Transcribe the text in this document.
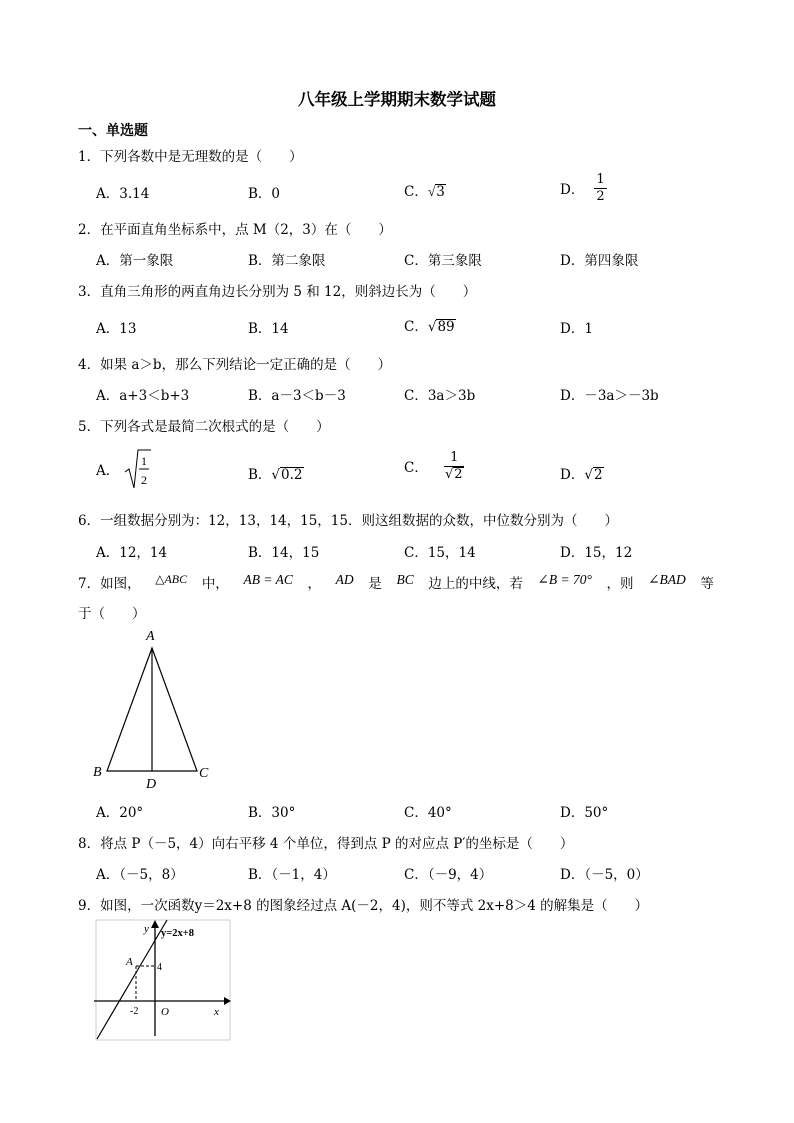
八年级上学期期末数学试题
一、单选题
1．下列各数中是无理数的是（　　）
A．3.14	B．0	C．√3	D． $\frac{1}{2}$
2．在平面直角坐标系中，点 M（2，3）在（　　）
A．第一象限	B．第二象限	C．第三象限	D．第四象限
3．直角三角形的两直角边长分别为 5 和 12，则斜边长为（　　）
A．13	B．14	C．√89	D．1
4．如果 a＞b，那么下列结论一定正确的是（　　）
A．a+3＜b+3	B．a－3＜b－3	C．3a＞3b	D．－3a＞－3b
5．下列各式是最简二次根式的是（　　）
A．
1
2	B．√0.2	C． $\frac{1}{√2}$	D．√2
6．一组数据分别为：12，13，14，15，15．则这组数据的众数，中位数分别为（　　）
A．12，14	B．14，15	C．15，14	D．15，12
7．如图， △ABC 中， AB = AC ， AD 是 BC 边上的中线，若 ∠B = 70° ，则 ∠BAD 等
于（　　）
A
B	C
D
A．20°	B．30°	C．40°	D．50°
8．将点 P（－5，4）向右平移 4 个单位，得到点 P 的对应点 P′的坐标是（　　）
A．（－5，8）	B．（－1，4）	C．（－9，4）	D．（－5，0）
9．如图，一次函数y＝2x+8 的图象经过点 A(－2，4)，则不等式 2x+8＞4 的解集是（　　）
y y=2x+8
A 4
-2 O	x
